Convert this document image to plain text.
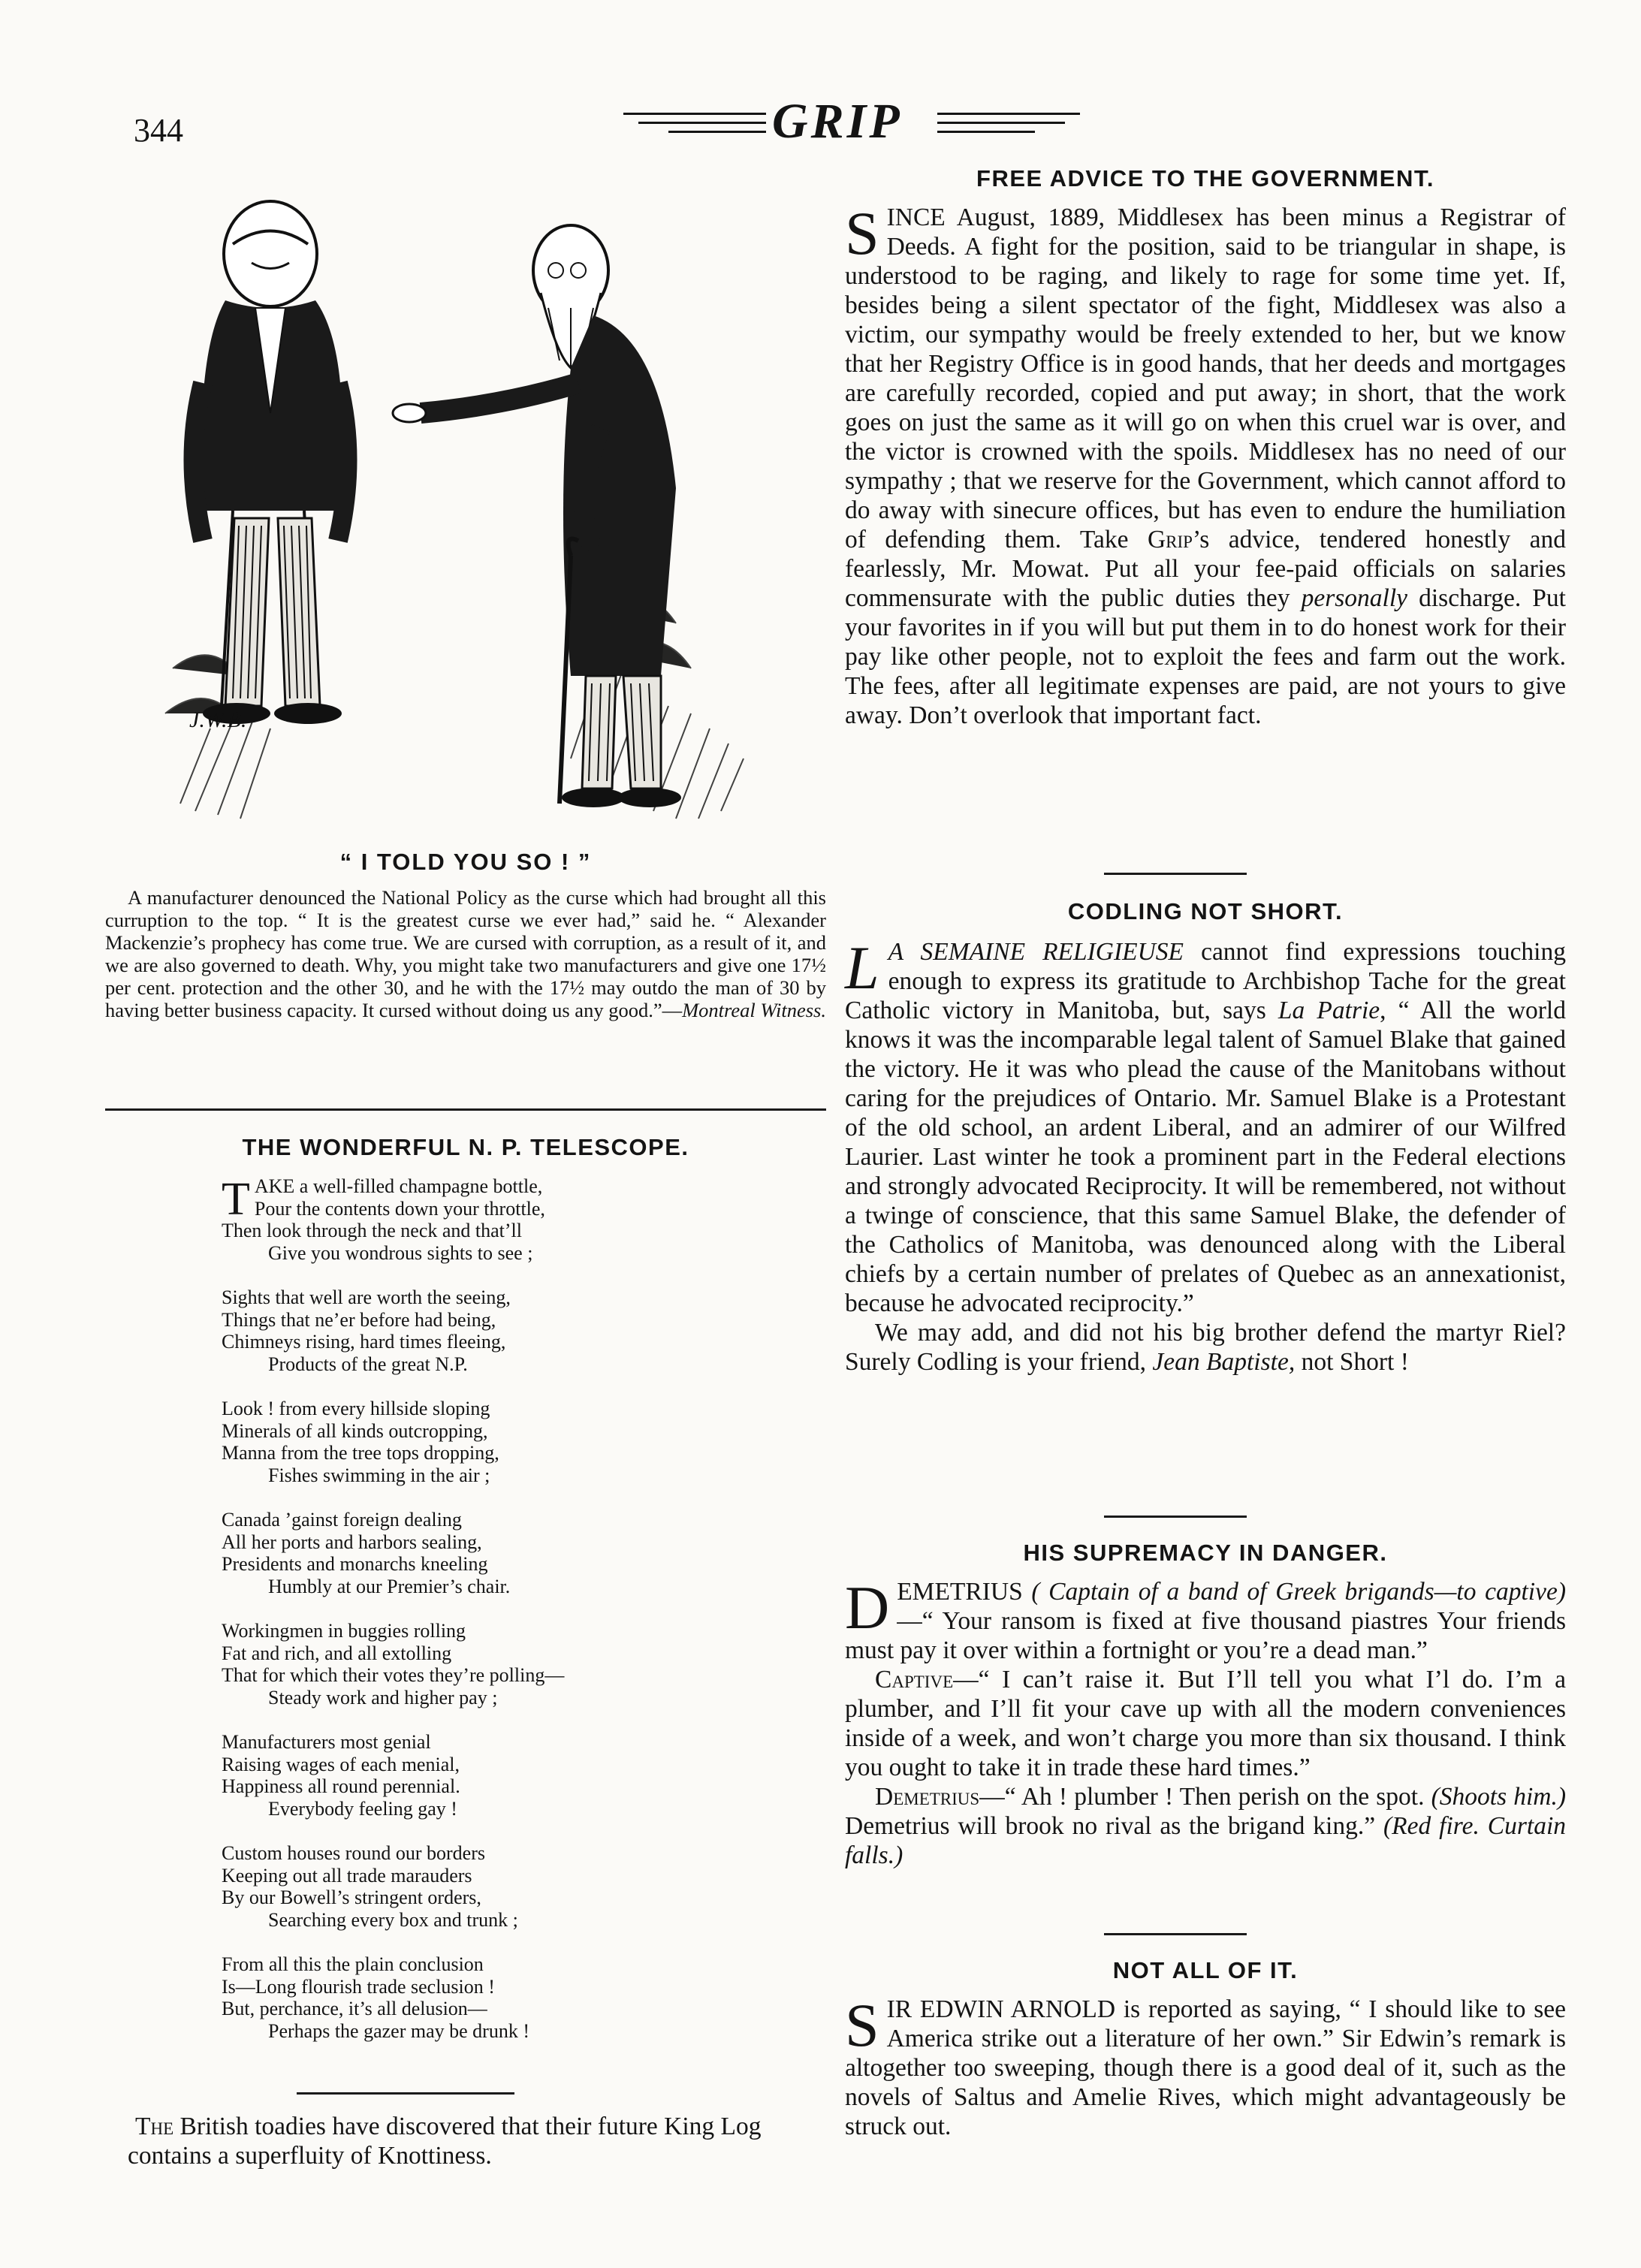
344	GRIP
J.W.B.
“ I TOLD YOU SO ! ”
A manufacturer denounced the National Policy as the curse which had brought all this curruption to the top. “ It is the greatest curse we ever had,” said he. “ Alexander Mackenzie’s prophecy has come true. We are cursed with corruption, as a result of it, and we are also governed to death. Why, you might take two manufacturers and give one 17½ per cent. protection and the other 30, and he with the 17½ may outdo the man of 30 by having better business capacity. It cursed without doing us any good.”—Montreal Witness.
THE WONDERFUL N. P. TELESCOPE.
TAKE a well-filled champagne bottle,
Pour the contents down your throttle,
Then look through the neck and that’ll
Give you wondrous sights to see ;
Sights that well are worth the seeing,
Things that ne’er before had being,
Chimneys rising, hard times fleeing,
Products of the great N.P.
Look ! from every hillside sloping
Minerals of all kinds outcropping,
Manna from the tree tops dropping,
Fishes swimming in the air ;
Canada ’gainst foreign dealing
All her ports and harbors sealing,
Presidents and monarchs kneeling
Humbly at our Premier’s chair.
Workingmen in buggies rolling
Fat and rich, and all extolling
That for which their votes they’re polling—
Steady work and higher pay ;
Manufacturers most genial
Raising wages of each menial,
Happiness all round perennial.
Everybody feeling gay !
Custom houses round our borders
Keeping out all trade marauders
By our Bowell’s stringent orders,
Searching every box and trunk ;
From all this the plain conclusion
Is—Long flourish trade seclusion !
But, perchance, it’s all delusion—
Perhaps the gazer may be drunk !
The British toadies have discovered that their future King Log contains a superfluity of Knottiness.
FREE ADVICE TO THE GOVERNMENT.

SINCE August, 1889, Middlesex has been minus a Registrar of Deeds. A fight for the position, said to be triangular in shape, is understood to be raging, and likely to rage for some time yet. If, besides being a silent spectator of the fight, Middlesex was also a victim, our sympathy would be freely extended to her, but we know that her Registry Office is in good hands, that her deeds and mortgages are carefully recorded, copied and put away; in short, that the work goes on just the same as it will go on when this cruel war is over, and the victor is crowned with the spoils. Middlesex has no need of our sympathy ; that we reserve for the Government, which cannot afford to do away with sinecure offices, but has even to endure the humiliation of defending them. Take Grip’s advice, tendered honestly and fearlessly, Mr. Mowat. Put all your fee-paid officials on salaries commensurate with the public duties they personally discharge. Put your favorites in if you will but put them in to do honest work for their pay like other people, not to exploit the fees and farm out the work. The fees, after all legitimate expenses are paid, are not yours to give away. Don’t overlook that important fact.

CODLING NOT SHORT.

L A SEMAINE RELIGIEUSE cannot find expressions touching enough to express its gratitude to Archbishop Tache for the great Catholic victory in Manitoba, but, says La Patrie, “ All the world knows it was the incomparable legal talent of Samuel Blake that gained the victory. He it was who plead the cause of the Manitobans without caring for the prejudices of Ontario. Mr. Samuel Blake is a Protestant of the old school, an ardent Liberal, and an admirer of our Wilfred Laurier. Last winter he took a prominent part in the Federal elections and strongly advocated Reciprocity. It will be remembered, not without a twinge of conscience, that this same Samuel Blake, the defender of the Catholics of Manitoba, was denounced along with the Liberal chiefs by a certain number of prelates of Quebec as an annexationist, because he advocated reciprocity.”

We may add, and did not his big brother defend the martyr Riel? Surely Codling is your friend, Jean Baptiste, not Short !

HIS SUPREMACY IN DANGER.

DEMETRIUS ( Captain of a band of Greek brigands—to captive)—“ Your ransom is fixed at five thousand piastres Your friends must pay it over within a fortnight or you’re a dead man.”

Captive—“ I can’t raise it. But I’ll tell you what I’l do. I’m a plumber, and I’ll fit your cave up with all the modern conveniences inside of a week, and won’t charge you more than six thousand. I think you ought to take it in trade these hard times.”

Demetrius—“ Ah ! plumber ! Then perish on the spot. (Shoots him.) Demetrius will brook no rival as the brigand king.” (Red fire. Curtain falls.)

NOT ALL OF IT.

SIR EDWIN ARNOLD is reported as saying, “ I should like to see America strike out a literature of her own.” Sir Edwin’s remark is altogether too sweeping, though there is a good deal of it, such as the novels of Saltus and Amelie Rives, which might advantageously be struck out.
